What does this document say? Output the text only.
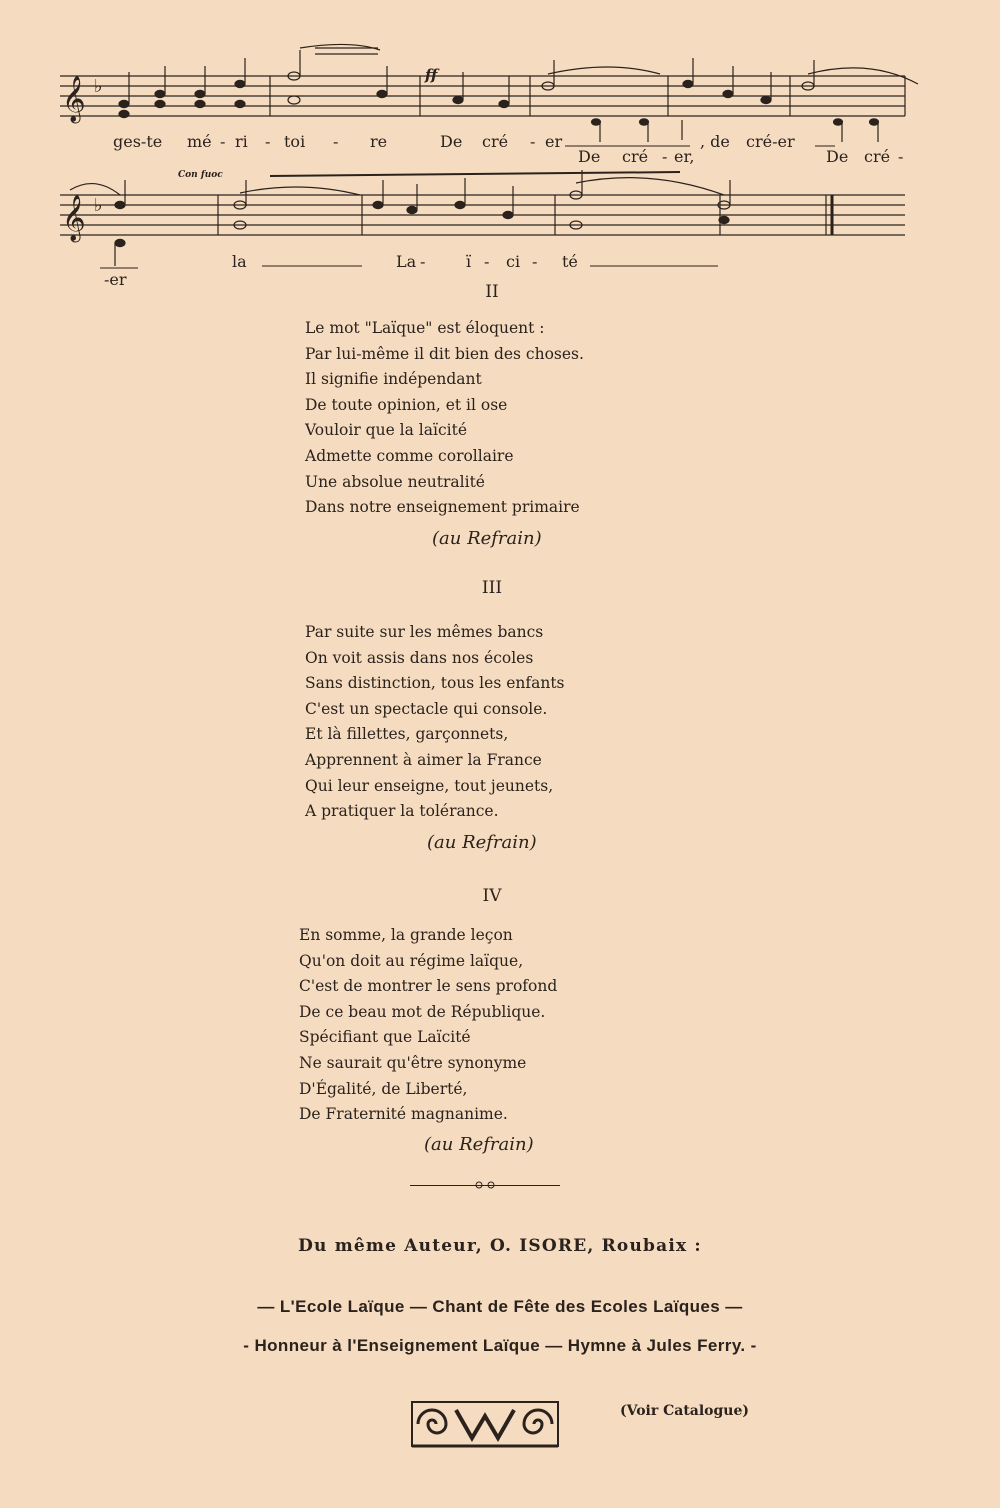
𝄞
𝄞
♭
♭
ff
Con fuoc
ges-te mé - ri - toi - re	De cré - er	, de cré-er
De cré - er,	De cré -
la	La -	ï - ci - té
-er
II
Le mot "Laïque" est éloquent :
Par lui-même il dit bien des choses.
Il signifie indépendant
De toute opinion, et il ose
Vouloir que la laïcité
Admette comme corollaire
Une absolue neutralité
Dans notre enseignement primaire
(au Refrain)
III
Par suite sur les mêmes bancs
On voit assis dans nos écoles
Sans distinction, tous les enfants
C'est un spectacle qui console.
Et là fillettes, garçonnets,
Apprennent à aimer la France
Qui leur enseigne, tout jeunets,
A pratiquer la tolérance.
(au Refrain)
IV
En somme, la grande leçon
Qu'on doit au régime laïque,
C'est de montrer le sens profond
De ce beau mot de République.
Spécifiant que Laïcité
Ne saurait qu'être synonyme
D'Égalité, de Liberté,
De Fraternité magnanime.
(au Refrain)
Du même Auteur, O. ISORE, Roubaix :
— L'Ecole Laïque — Chant de Fête des Ecoles Laïques —
- Honneur à l'Enseignement Laïque — Hymne à Jules Ferry. -
(Voir Catalogue)
